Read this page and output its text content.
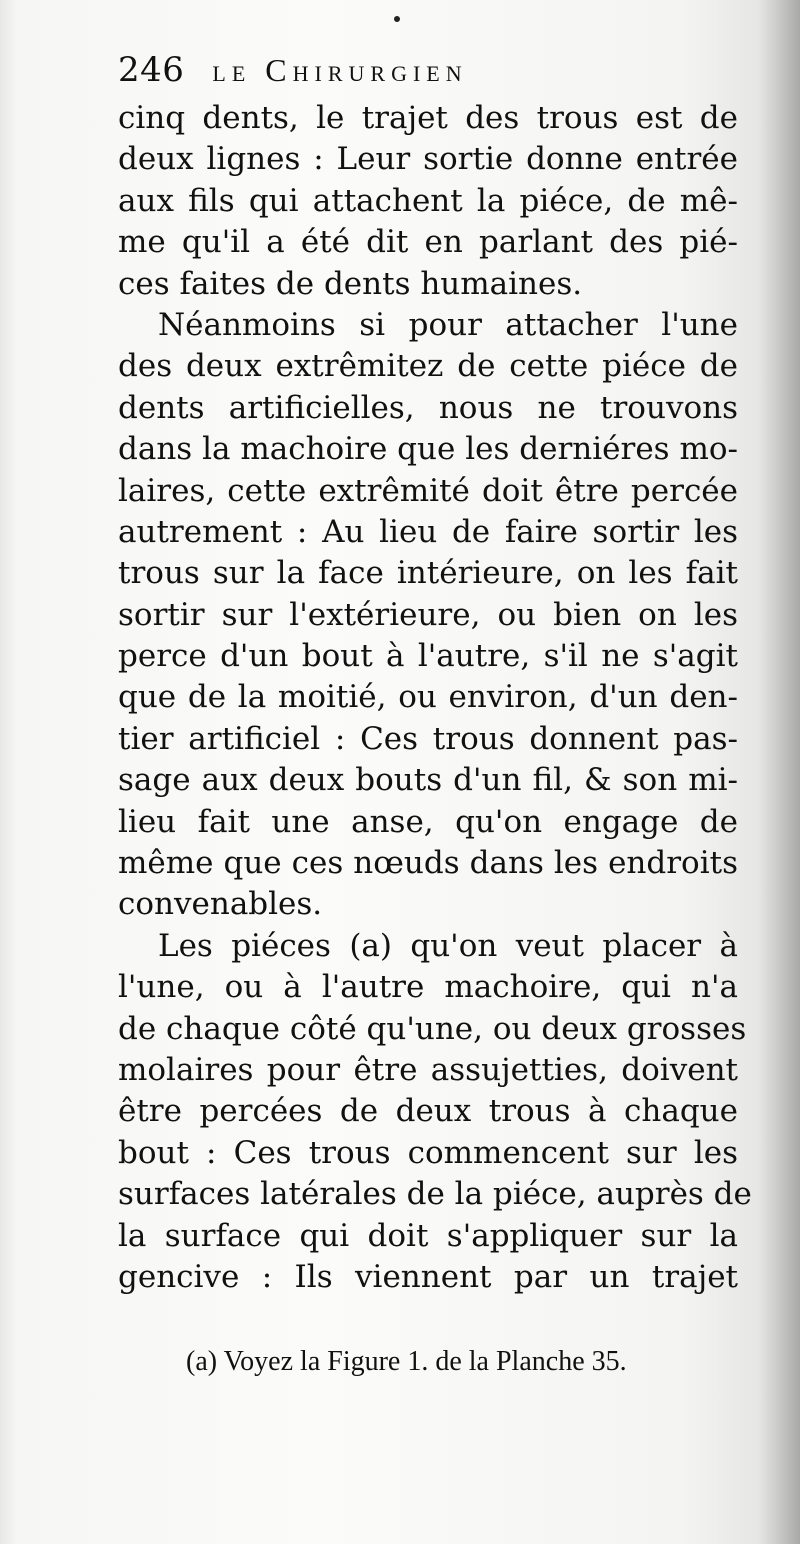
246 le Chirurgien
cinq dents, le trajet des trous est de
deux lignes : Leur sortie donne entrée
aux fils qui attachent la piéce, de mê-
me qu'il a été dit en parlant des pié-
ces faites de dents humaines.
Néanmoins si pour attacher l'une
des deux extrêmitez de cette piéce de
dents artificielles, nous ne trouvons
dans la machoire que les derniéres mo-
laires, cette extrêmité doit être percée
autrement : Au lieu de faire sortir les
trous sur la face intérieure, on les fait
sortir sur l'extérieure, ou bien on les
perce d'un bout à l'autre, s'il ne s'agit
que de la moitié, ou environ, d'un den-
tier artificiel : Ces trous donnent pas-
sage aux deux bouts d'un fil, & son mi-
lieu fait une anse, qu'on engage de
même que ces nœuds dans les endroits
convenables.
Les piéces (a) qu'on veut placer à
l'une, ou à l'autre machoire, qui n'a
de chaque côté qu'une, ou deux grosses
molaires pour être assujetties, doivent
être percées de deux trous à chaque
bout : Ces trous commencent sur les
surfaces latérales de la piéce, auprès de
la surface qui doit s'appliquer sur la
gencive : Ils viennent par un trajet
(a) Voyez la Figure 1. de la Planche 35.
